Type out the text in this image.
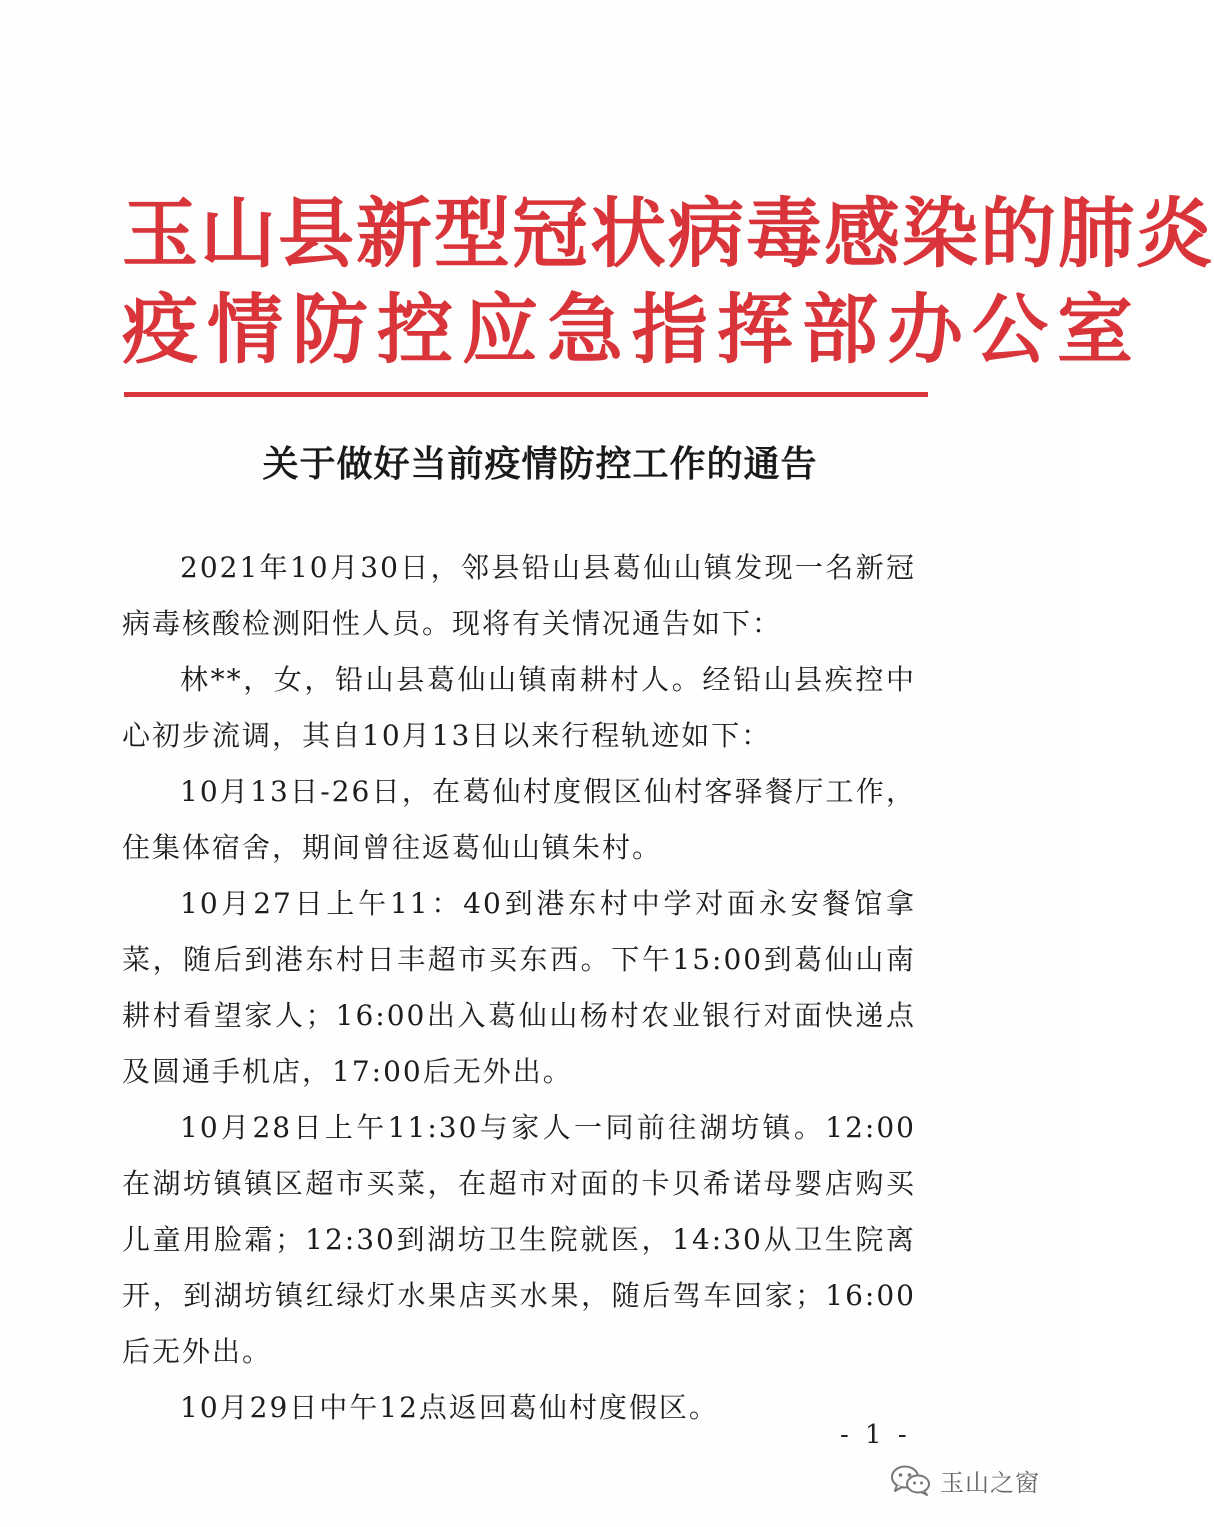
玉山县新型冠状病毒感染的肺炎
疫情防控应急指挥部办公室
关于做好当前疫情防控工作的通告

2021年10月30日，邻县铅山县葛仙山镇发现一名新冠病毒核酸检测阳性人员。现将有关情况通告如下：

林**，女，铅山县葛仙山镇南耕村人。经铅山县疾控中心初步流调，其自10月13日以来行程轨迹如下：

10月13日-26日，在葛仙村度假区仙村客驿餐厅工作，住集体宿舍，期间曾往返葛仙山镇朱村。

10月27日上午11：40到港东村中学对面永安餐馆拿菜，随后到港东村日丰超市买东西。下午15:00到葛仙山南耕村看望家人；16:00出入葛仙山杨村农业银行对面快递点及圆通手机店，17:00后无外出。

10月28日上午11:30与家人一同前往湖坊镇。12:00在湖坊镇镇区超市买菜，在超市对面的卡贝希诺母婴店购买儿童用脸霜；12:30到湖坊卫生院就医，14:30从卫生院离开，到湖坊镇红绿灯水果店买水果，随后驾车回家；16:00后无外出。

10月29日中午12点返回葛仙村度假区。

- 1 -
玉山之窗
